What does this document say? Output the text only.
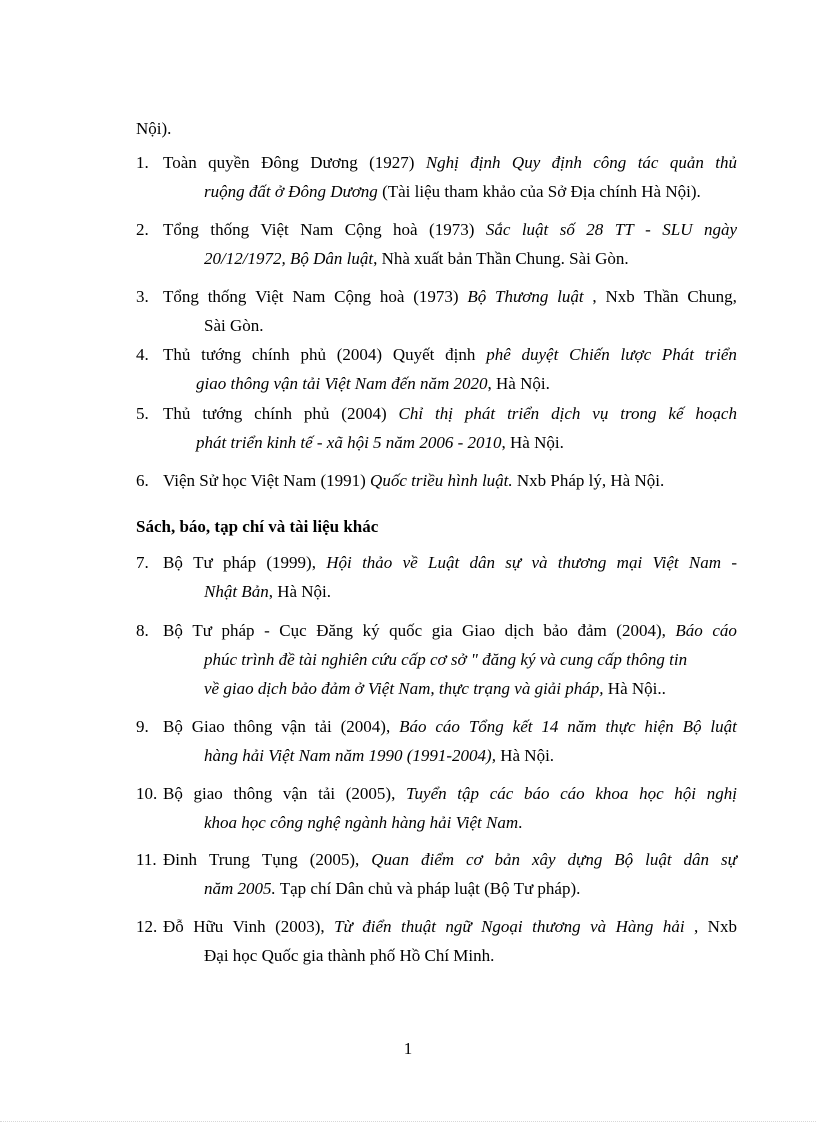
Nội).
1. Toàn quyền Đông Dương (1927) Nghị định Quy định công tác quản thủ
ruộng đất ở Đông Dương (Tài liệu tham khảo của Sở Địa chính Hà Nội).
2. Tổng thống Việt Nam Cộng hoà (1973) Sắc luật số 28 TT - SLU ngày
20/12/1972, Bộ Dân luật, Nhà xuất bản Thần Chung. Sài Gòn.
3. Tổng thống Việt Nam Cộng hoà (1973) Bộ Thương luật , Nxb Thần Chung,
Sài Gòn.
4. Thủ tướng chính phủ (2004) Quyết định phê duyệt Chiến lược Phát triển
giao thông vận tải Việt Nam đến năm 2020, Hà Nội.
5. Thủ tướng chính phủ (2004) Chỉ thị phát triển dịch vụ trong kế hoạch
phát triển kinh tế - xã hội 5 năm 2006 - 2010, Hà Nội.
6. Viện Sử học Việt Nam (1991) Quốc triều hình luật. Nxb Pháp lý, Hà Nội.
7. Bộ Tư pháp (1999), Hội thảo về Luật dân sự và thương mại Việt Nam -
Nhật Bản, Hà Nội.
8. Bộ Tư pháp - Cục Đăng ký quốc gia Giao dịch bảo đảm (2004), Báo cáo
phúc trình đề tài nghiên cứu cấp cơ sở " đăng ký và cung cấp thông tin
về giao dịch bảo đảm ở Việt Nam, thực trạng và giải pháp, Hà Nội..
9. Bộ Giao thông vận tải (2004), Báo cáo Tổng kết 14 năm thực hiện Bộ luật
hàng hải Việt Nam năm 1990 (1991-2004), Hà Nội.
10. Bộ giao thông vận tải (2005), Tuyển tập các báo cáo khoa học hội nghị
khoa học công nghệ ngành hàng hải Việt Nam.
11. Đinh Trung Tụng (2005), Quan điểm cơ bản xây dựng Bộ luật dân sự
năm 2005. Tạp chí Dân chủ và pháp luật (Bộ Tư pháp).
12. Đỗ Hữu Vinh (2003), Từ điển thuật ngữ Ngoại thương và Hàng hải , Nxb
Đại học Quốc gia thành phố Hồ Chí Minh.
Sách, báo, tạp chí và tài liệu khác
1
